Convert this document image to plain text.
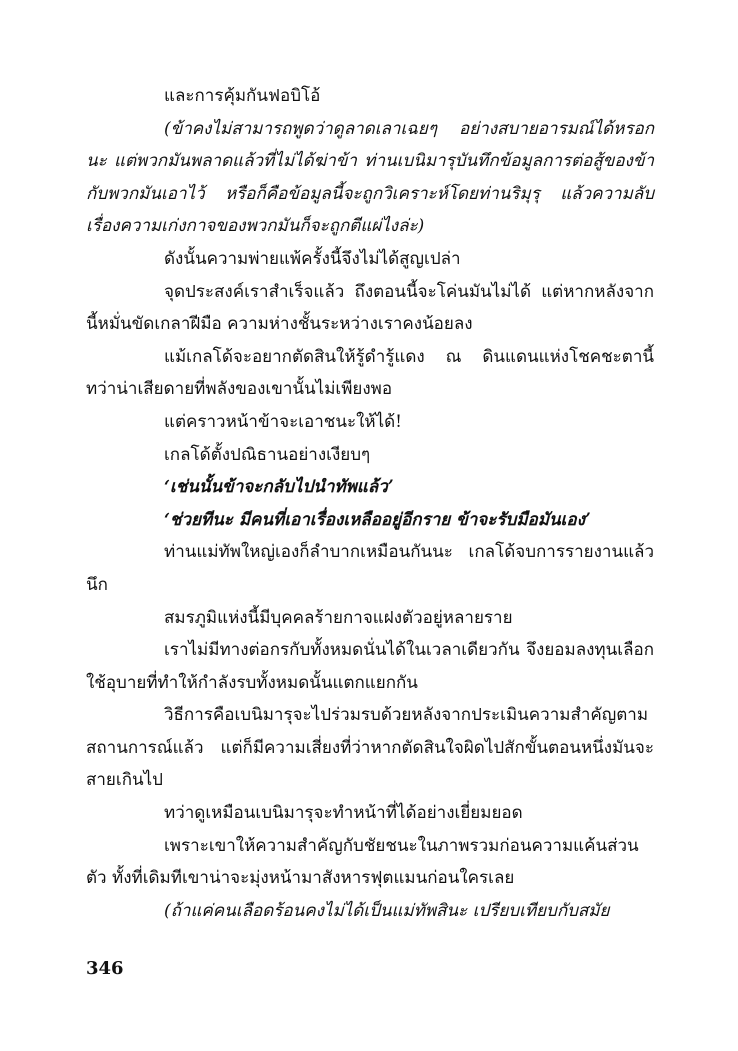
และการคุ้มกันฟอบิโอ้

(ข้าคงไม่สามารถพูดว่าดูลาดเลาเฉยๆ อย่างสบายอารมณ์ได้หรอกนะ แต่พวกมันพลาดแล้วที่ไม่ได้ฆ่าข้า ท่านเบนิมารุบันทึกข้อมูลการต่อสู้ของข้ากับพวกมันเอาไว้ หรือก็คือข้อมูลนี้จะถูกวิเคราะห์โดยท่านริมุรุ แล้วความลับเรื่องความเก่งกาจของพวกมันก็จะถูกตีแผ่ไงล่ะ)

ดังนั้นความพ่ายแพ้ครั้งนี้จึงไม่ได้สูญเปล่า

จุดประสงค์เราสำเร็จแล้ว ถึงตอนนี้จะโค่นมันไม่ได้ แต่หากหลังจากนี้หมั่นขัดเกลาฝีมือ ความห่างชั้นระหว่างเราคงน้อยลง

แม้เกลโด้จะอยากตัดสินให้รู้ดำรู้แดง ณ ดินแดนแห่งโชคชะตานี้ ทว่าน่าเสียดายที่พลังของเขานั้นไม่เพียงพอ

แต่คราวหน้าข้าจะเอาชนะให้ได้!

เกลโด้ตั้งปณิธานอย่างเงียบๆ

‘เช่นนั้นข้าจะกลับไปนำทัพแล้ว’

‘ช่วยทีนะ มีคนที่เอาเรื่องเหลืออยู่อีกราย ข้าจะรับมือมันเอง’

ท่านแม่ทัพใหญ่เองก็ลำบากเหมือนกันนะ เกลโด้จบการรายงานแล้วนึก

สมรภูมิแห่งนี้มีบุคคลร้ายกาจแฝงตัวอยู่หลายราย

เราไม่มีทางต่อกรกับทั้งหมดนั่นได้ในเวลาเดียวกัน จึงยอมลงทุนเลือกใช้อุบายที่ทำให้กำลังรบทั้งหมดนั้นแตกแยกกัน

วิธีการคือเบนิมารุจะไปร่วมรบด้วยหลังจากประเมินความสำคัญตามสถานการณ์แล้ว แต่ก็มีความเสี่ยงที่ว่าหากตัดสินใจผิดไปสักขั้นตอนหนึ่งมันจะสายเกินไป

ทว่าดูเหมือนเบนิมารุจะทำหน้าที่ได้อย่างเยี่ยมยอด

เพราะเขาให้ความสำคัญกับชัยชนะในภาพรวมก่อนความแค้นส่วนตัว ทั้งที่เดิมทีเขาน่าจะมุ่งหน้ามาสังหารฟุตแมนก่อนใครเลย

(ถ้าแค่คนเลือดร้อนคงไม่ได้เป็นแม่ทัพสินะ เปรียบเทียบกับสมัย

346
